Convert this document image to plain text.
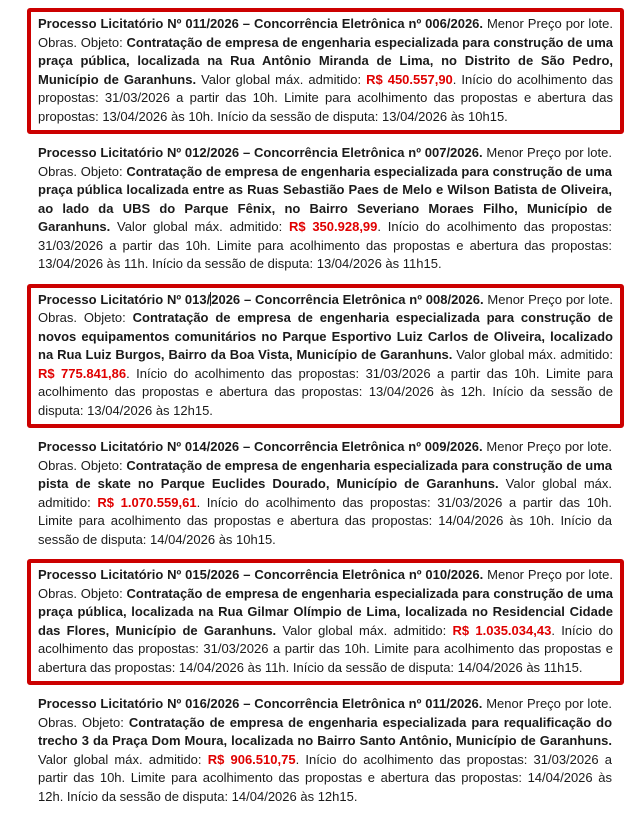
Processo Licitatório Nº 011/2026 – Concorrência Eletrônica nº 006/2026. Menor Preço por lote. Obras. Objeto: Contratação de empresa de engenharia especializada para construção de uma praça pública, localizada na Rua Antônio Miranda de Lima, no Distrito de São Pedro, Município de Garanhuns. Valor global máx. admitido: R$ 450.557,90. Início do acolhimento das propostas: 31/03/2026 a partir das 10h. Limite para acolhimento das propostas e abertura das propostas: 13/04/2026 às 10h. Início da sessão de disputa: 13/04/2026 às 10h15.
Processo Licitatório Nº 012/2026 – Concorrência Eletrônica nº 007/2026. Menor Preço por lote. Obras. Objeto: Contratação de empresa de engenharia especializada para construção de uma praça pública localizada entre as Ruas Sebastião Paes de Melo e Wilson Batista de Oliveira, ao lado da UBS do Parque Fênix, no Bairro Severiano Moraes Filho, Município de Garanhuns. Valor global máx. admitido: R$ 350.928,99. Início do acolhimento das propostas: 31/03/2026 a partir das 10h. Limite para acolhimento das propostas e abertura das propostas: 13/04/2026 às 11h. Início da sessão de disputa: 13/04/2026 às 11h15.
Processo Licitatório Nº 013/2026 – Concorrência Eletrônica nº 008/2026. Menor Preço por lote. Obras. Objeto: Contratação de empresa de engenharia especializada para construção de novos equipamentos comunitários no Parque Esportivo Luiz Carlos de Oliveira, localizado na Rua Luiz Burgos, Bairro da Boa Vista, Município de Garanhuns. Valor global máx. admitido: R$ 775.841,86. Início do acolhimento das propostas: 31/03/2026 a partir das 10h. Limite para acolhimento das propostas e abertura das propostas: 13/04/2026 às 12h. Início da sessão de disputa: 13/04/2026 às 12h15.
Processo Licitatório Nº 014/2026 – Concorrência Eletrônica nº 009/2026. Menor Preço por lote. Obras. Objeto: Contratação de empresa de engenharia especializada para construção de uma pista de skate no Parque Euclides Dourado, Município de Garanhuns. Valor global máx. admitido: R$ 1.070.559,61. Início do acolhimento das propostas: 31/03/2026 a partir das 10h. Limite para acolhimento das propostas e abertura das propostas: 14/04/2026 às 10h. Início da sessão de disputa: 14/04/2026 às 10h15.
Processo Licitatório Nº 015/2026 – Concorrência Eletrônica nº 010/2026. Menor Preço por lote. Obras. Objeto: Contratação de empresa de engenharia especializada para construção de uma praça pública, localizada na Rua Gilmar Olímpio de Lima, localizada no Residencial Cidade das Flores, Município de Garanhuns. Valor global máx. admitido: R$ 1.035.034,43. Início do acolhimento das propostas: 31/03/2026 a partir das 10h. Limite para acolhimento das propostas e abertura das propostas: 14/04/2026 às 11h. Início da sessão de disputa: 14/04/2026 às 11h15.
Processo Licitatório Nº 016/2026 – Concorrência Eletrônica nº 011/2026. Menor Preço por lote. Obras. Objeto: Contratação de empresa de engenharia especializada para requalificação do trecho 3 da Praça Dom Moura, localizada no Bairro Santo Antônio, Município de Garanhuns. Valor global máx. admitido: R$ 906.510,75. Início do acolhimento das propostas: 31/03/2026 a partir das 10h. Limite para acolhimento das propostas e abertura das propostas: 14/04/2026 às 12h. Início da sessão de disputa: 14/04/2026 às 12h15.
